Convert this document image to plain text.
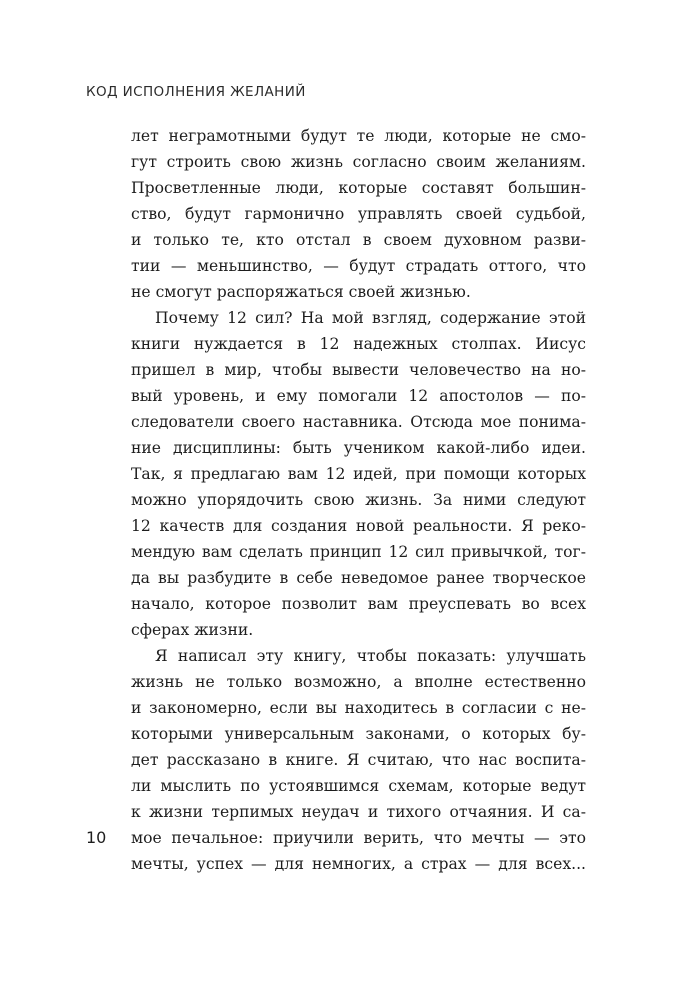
КОД ИСПОЛНЕНИЯ ЖЕЛАНИЙ
лет неграмотными будут те люди, которые не смо-
гут строить свою жизнь согласно своим желаниям.
Просветленные люди, которые составят большин-
ство, будут гармонично управлять своей судьбой,
и только те, кто отстал в своем духовном разви-
тии — меньшинство, — будут страдать оттого, что
не смогут распоряжаться своей жизнью.
Почему 12 сил? На мой взгляд, содержание этой
книги нуждается в 12 надежных столпах. Иисус
пришел в мир, чтобы вывести человечество на но-
вый уровень, и ему помогали 12 апостолов — по-
следователи своего наставника. Отсюда мое понима-
ние дисциплины: быть учеником какой-либо идеи.
Так, я предлагаю вам 12 идей, при помощи которых
можно упорядочить свою жизнь. За ними следуют
12 качеств для создания новой реальности. Я реко-
мендую вам сделать принцип 12 сил привычкой, тог-
да вы разбудите в себе неведомое ранее творческое
начало, которое позволит вам преуспевать во всех
сферах жизни.
Я написал эту книгу, чтобы показать: улучшать
жизнь не только возможно, а вполне естественно
и закономерно, если вы находитесь в согласии с не-
которыми универсальным законами, о которых бу-
дет рассказано в книге. Я считаю, что нас воспита-
ли мыслить по устоявшимся схемам, которые ведут
к жизни терпимых неудач и тихого отчаяния. И са-
мое печальное: приучили верить, что мечты — это
мечты, успех — для немногих, а страх — для всех...
10
